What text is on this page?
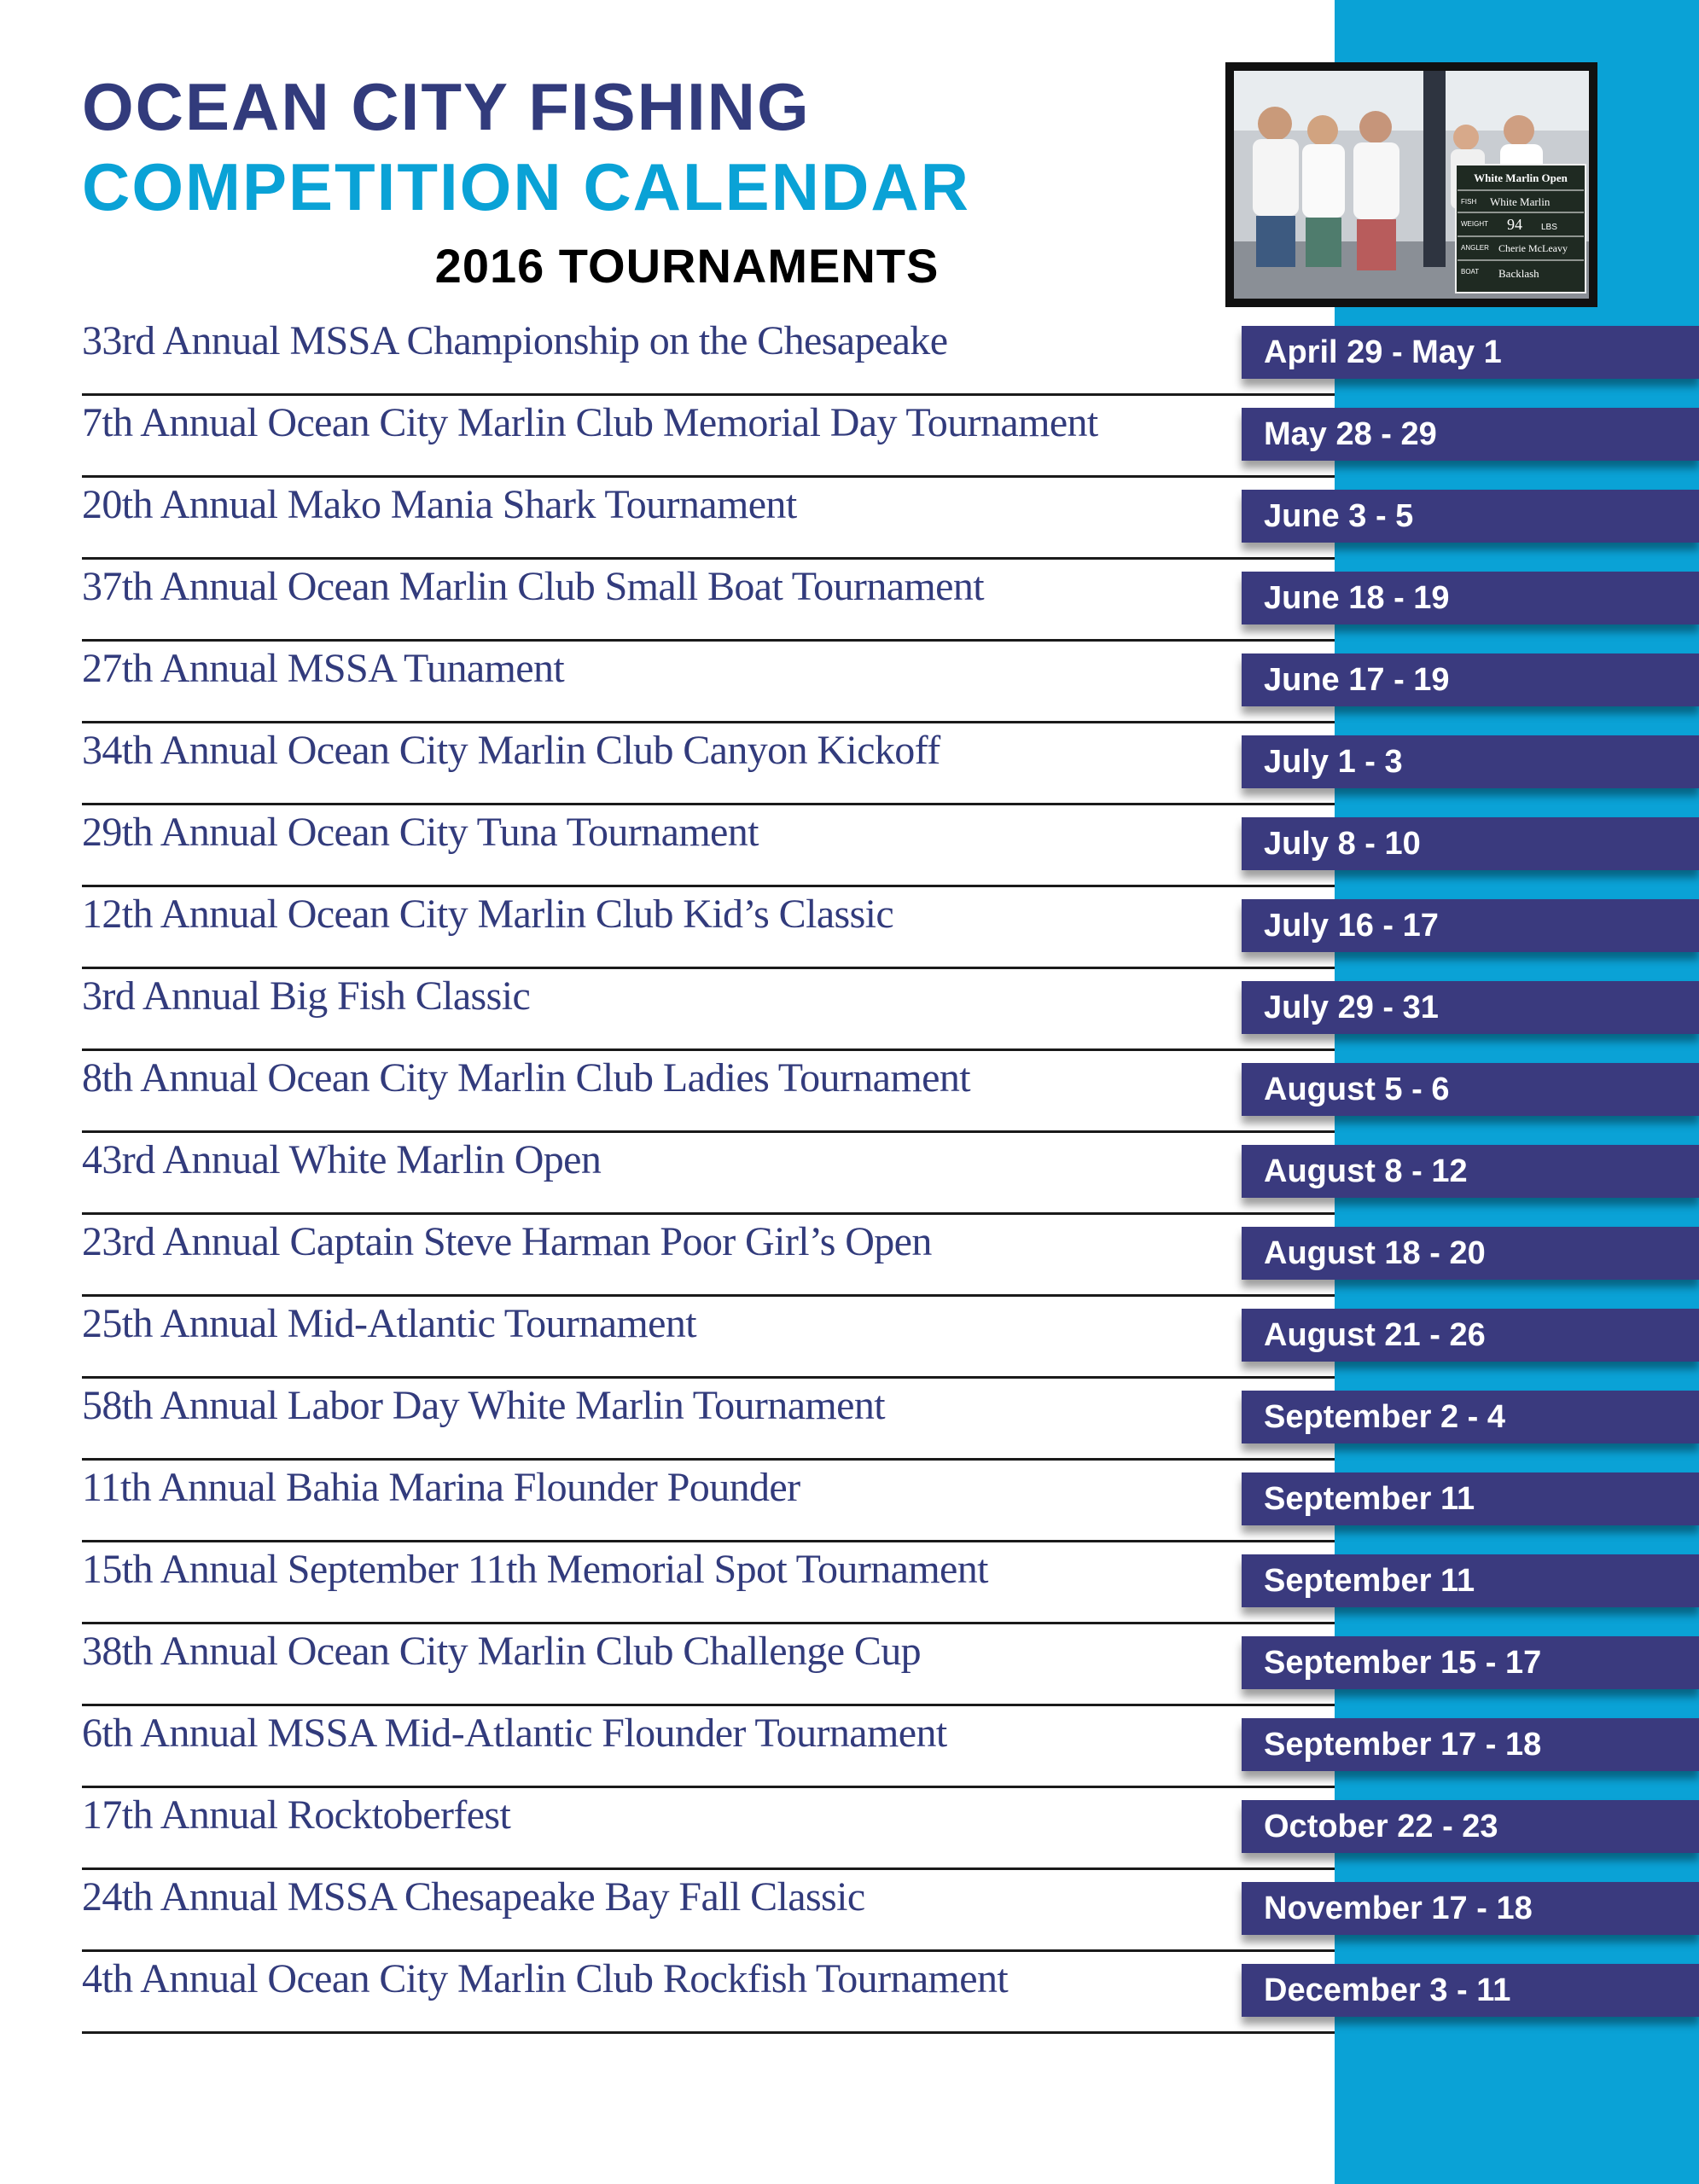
OCEAN CITY FISHING
COMPETITION CALENDAR
2016 TOURNAMENTS
White Marlin Open
FISH White Marlin
WEIGHT 94 LBS
ANGLER Cherie McLeavy
BOAT Backlash
33rd Annual MSSA Championship on the Chesapeake	April 29 - May 1
7th Annual Ocean City Marlin Club Memorial Day Tournament	May 28 - 29
20th Annual Mako Mania Shark Tournament	June 3 - 5
37th Annual Ocean Marlin Club Small Boat Tournament	June 18 - 19
27th Annual MSSA Tunament	June 17 - 19
34th Annual Ocean City Marlin Club Canyon Kickoff	July 1 - 3
29th Annual Ocean City Tuna Tournament	July 8 - 10
12th Annual Ocean City Marlin Club Kid’s Classic	July 16 - 17
3rd Annual Big Fish Classic	July 29 - 31
8th Annual Ocean City Marlin Club Ladies Tournament	August 5 - 6
43rd Annual White Marlin Open	August 8 - 12
23rd Annual Captain Steve Harman Poor Girl’s Open	August 18 - 20
25th Annual Mid-Atlantic Tournament	August 21 - 26
58th Annual Labor Day White Marlin Tournament	September 2 - 4
11th Annual Bahia Marina Flounder Pounder	September 11
15th Annual September 11th Memorial Spot Tournament	September 11
38th Annual Ocean City Marlin Club Challenge Cup	September 15 - 17
6th Annual MSSA Mid-Atlantic Flounder Tournament	September 17 - 18
17th Annual Rocktoberfest	October 22 - 23
24th Annual MSSA Chesapeake Bay Fall Classic	November 17 - 18
4th Annual Ocean City Marlin Club Rockfish Tournament	December 3 - 11
